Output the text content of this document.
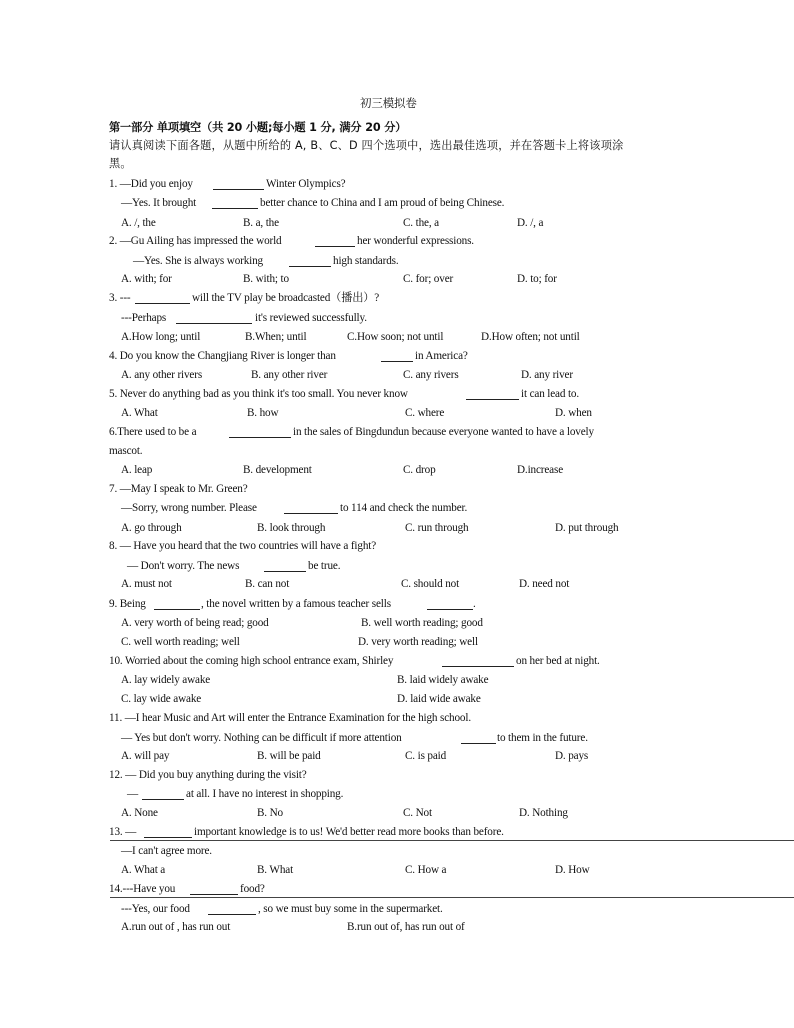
初三模拟卷
第一部分 单项填空（共 20 小题;每小题 1 分, 满分 20 分）
请认真阅读下面各题，从题中所给的 A, B、C、D 四个选项中，选出最佳选项，并在答题卡上将该项涂
黑。
1. —Did you enjoy	Winter Olympics?
—Yes. It brought	better chance to China and I am proud of being Chinese.
A. /, the	B. a, the	C. the, a	D. /, a
2. —Gu Ailing has impressed the world	her wonderful expressions.
—Yes. She is always working	high standards.
A. with; for	B. with; to	C. for; over	D. to; for
3. ---	will the TV play be broadcasted（播出）?
---Perhaps	it's reviewed successfully.
A.How long; until	B.When; until	C.How soon; not until	D.How often; not until
4. Do you know the Changjiang River is longer than	in America?
A. any other rivers	B. any other river	C. any rivers	D. any river
5. Never do anything bad as you think it's too small. You never know	it can lead to.
A. What	B. how	C. where	D. when
6.There used to be a	in the sales of Bingdundun because everyone wanted to have a lovely
mascot.
A. leap	B. development	C. drop	D.increase
7. —May I speak to Mr. Green?
—Sorry, wrong number. Please	to 114 and check the number.
A. go through	B. look through	C. run through	D. put through
8. — Have you heard that the two countries will have a fight?
— Don't worry. The news	be true.
A. must not	B. can not	C. should not	D. need not
9. Being	, the novel written by a famous teacher sells	.
A. very worth of being read; good	B. well worth reading; good
C. well worth reading; well	D. very worth reading; well
10. Worried about the coming high school entrance exam, Shirley	on her bed at night.
A. lay widely awake	B. laid widely awake
C. lay wide awake	D. laid wide awake
11. —I hear Music and Art will enter the Entrance Examination for the high school.
— Yes but don't worry. Nothing can be difficult if more attention	to them in the future.
A. will pay	B. will be paid	C. is paid	D. pays
12. — Did you buy anything during the visit?
—	at all. I have no interest in shopping.
A. None	B. No	C. Not	D. Nothing
13. —	important knowledge is to us! We'd better read more books than before.
—I can't agree more.
A. What a	B. What	C. How a	D. How
14.---Have you	food?
---Yes, our food	, so we must buy some in the supermarket.
A.run out of , has run out	B.run out of, has run out of
